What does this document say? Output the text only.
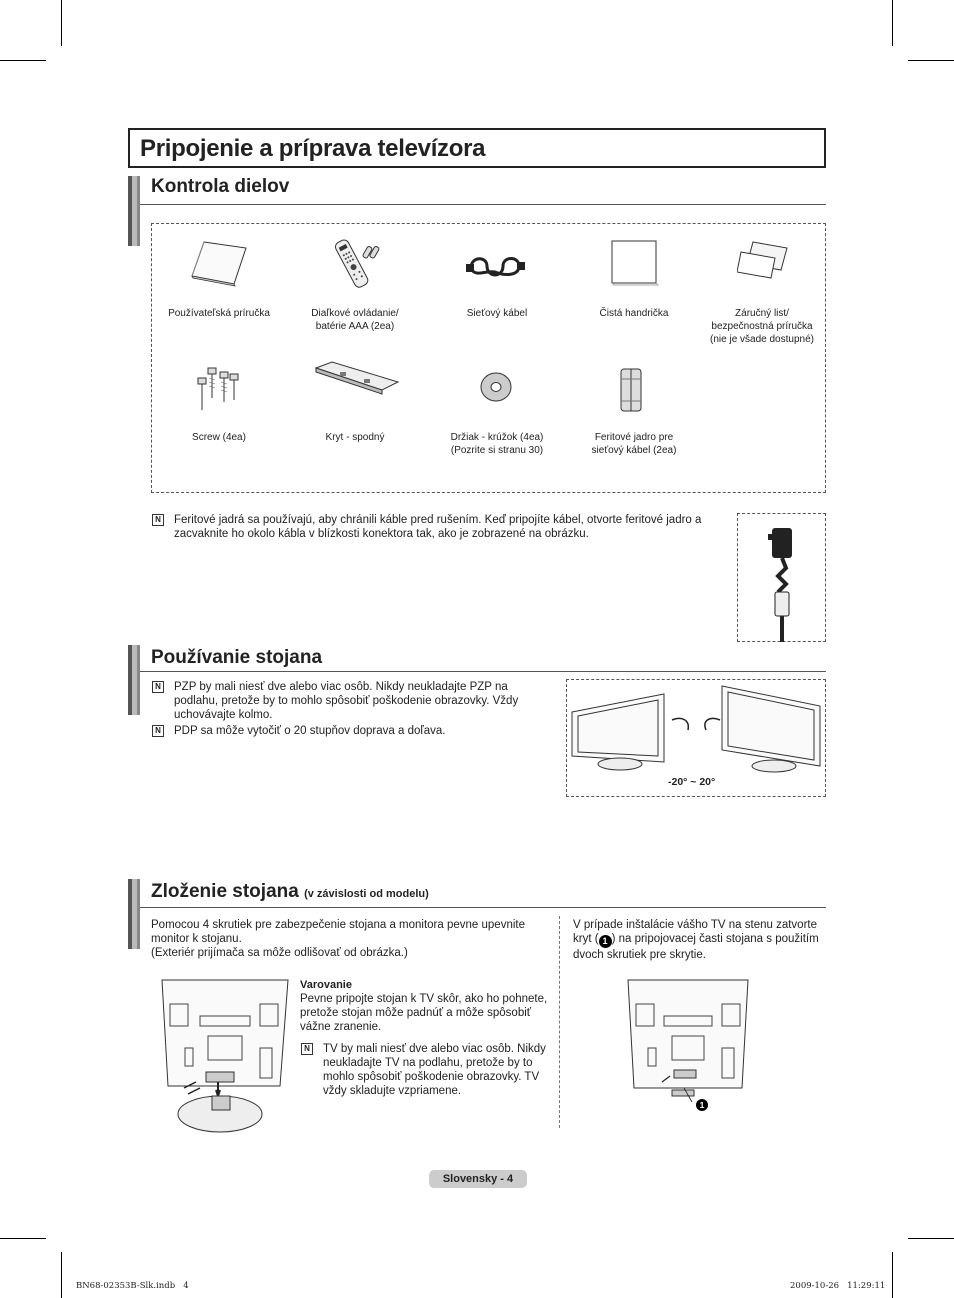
Pripojenie a príprava televízora
Kontrola dielov
Používateľská príručka	Diaľkové ovládanie/
batérie AAA (2ea)
Sieťový kábel	Čistá handrička	Záručný list/
bezpečnostná príručka
(nie je všade dostupné)
Screw (4ea)	Kryt - spodný	Držiak - krúžok (4ea)
(Pozrite si stranu 30)
Feritové jadro pre
sieťový kábel (2ea)
N	Feritové jadrá sa používajú, aby chránili káble pred rušením. Keď pripojíte kábel, otvorte feritové jadro a zacvaknite ho okolo kábla v blízkosti konektora tak, ako je zobrazené na obrázku.
Používanie stojana
N	PZP by mali niesť dve alebo viac osôb. Nikdy neukladajte PZP na podlahu, pretože by to mohlo spôsobiť poškodenie obrazovky. Vždy uchovávajte kolmo.
N	PDP sa môže vytočiť o 20 stupňov doprava a doľava.
-20° ~ 20°
Zloženie stojana (v závislosti od modelu)
Pomocou 4 skrutiek pre zabezpečenie stojana a monitora pevne upevnite monitor k stojanu.
(Exteriér prijímača sa môže odlišovať od obrázka.)
V prípade inštalácie vášho TV na stenu zatvorte kryt ( 1 ) na pripojovacej časti stojana s použitím dvoch skrutiek pre skrytie.
Varovanie
Pevne pripojte stojan k TV skôr, ako ho pohnete, pretože stojan môže padnúť a môže spôsobiť vážne zranenie.
N	TV by mali niesť dve alebo viac osôb. Nikdy neukladajte TV na podlahu, pretože by to mohlo spôsobiť poškodenie obrazovky. TV vždy skladujte vzpriamene.
1
Slovensky - 4
BN68-02353B-Slk.indb   4	2009-10-26   11:29:11
